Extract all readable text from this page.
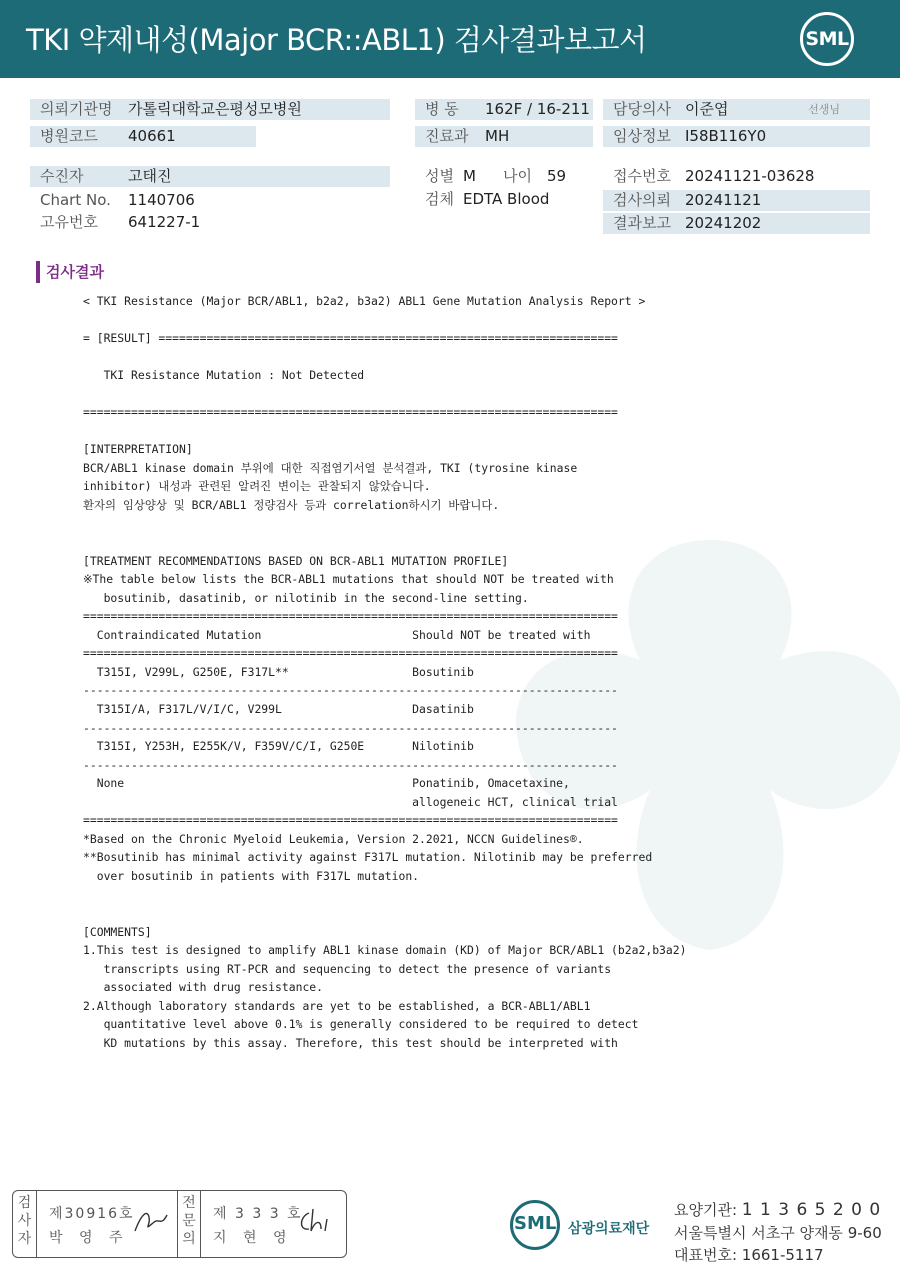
TKI 약제내성(Major BCR::ABL1) 검사결과보고서	SML
의뢰기관명 가톨릭대학교은평성모병원	병 동 162F / 16-211 담당의사 이준엽	선생님
병원코드 40661	진료과 MH	임상정보 I58B116Y0
수진자	고태진
Chart No. 1140706
고유번호 641227-1
성별 M 나이 59
검체 EDTA Blood
접수번호 20241121-03628
검사의뢰 20241121
결과보고 20241202
검사결과
< TKI Resistance (Major BCR/ABL1, b2a2, b3a2) ABL1 Gene Mutation Analysis Report >

= [RESULT] ===================================================================

TKI Resistance Mutation : Not Detected

==============================================================================

[INTERPRETATION]
BCR/ABL1 kinase domain 부위에 대한 직접염기서열 분석결과, TKI (tyrosine kinase
inhibitor) 내성과 관련된 알려진 변이는 관찰되지 않았습니다.
환자의 임상양상 및 BCR/ABL1 정량검사 등과 correlation하시기 바랍니다.

[TREATMENT RECOMMENDATIONS BASED ON BCR-ABL1 MUTATION PROFILE]
※The table below lists the BCR-ABL1 mutations that should NOT be treated with
bosutinib, dasatinib, or nilotinib in the second-line setting.
==============================================================================
Contraindicated Mutation                      Should NOT be treated with
==============================================================================
T315I, V299L, G250E, F317L**                  Bosutinib
------------------------------------------------------------------------------
T315I/A, F317L/V/I/C, V299L                   Dasatinib
------------------------------------------------------------------------------
T315I, Y253H, E255K/V, F359V/C/I, G250E       Nilotinib
------------------------------------------------------------------------------
None                                          Ponatinib, Omacetaxine,
allogeneic HCT, clinical trial
==============================================================================
*Based on the Chronic Myeloid Leukemia, Version 2.2021, NCCN Guidelines®.
**Bosutinib has minimal activity against F317L mutation. Nilotinib may be preferred
over bosutinib in patients with F317L mutation.

[COMMENTS]
1.This test is designed to amplify ABL1 kinase domain (KD) of Major BCR/ABL1 (b2a2,b3a2)
transcripts using RT-PCR and sequencing to detect the presence of variants
associated with drug resistance.
2.Although laboratory standards are yet to be established, a BCR-ABL1/ABL1
quantitative level above 0.1% is generally considered to be required to detect
KD mutations by this assay. Therefore, this test should be interpreted with
검
사
자
제30916호
박 영 주
전
문
의
제 3 3 3 호
지 현 영
SML 삼광의료재단
요양기관: 1 1 3 6 5 2 0 0
서울특별시 서초구 양재동 9-60
대표번호: 1661-5117
